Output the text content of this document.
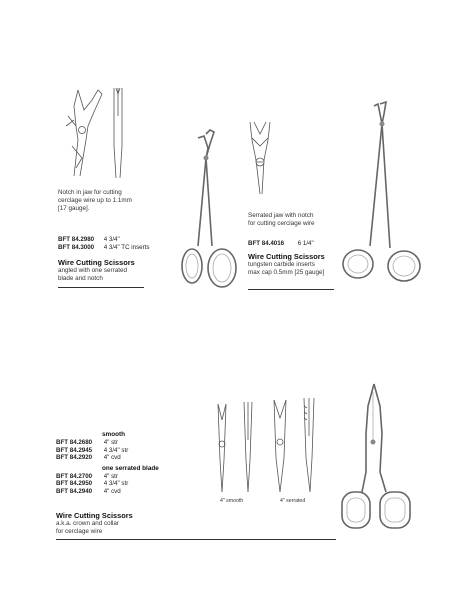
Notch in jaw for cutting
cerclage wire up to 1.1mm
[17 gauge].
BFT 84.2980 4 3/4"
BFT 84.3000 4 3/4" TC inserts
Wire Cutting Scissors
angled with one serrated
blade and notch
Serrated jaw with notch
for cutting cerclage wire
BFT 84.4016 6 1/4"
Wire Cutting Scissors
tungsten carbide inserts
max cap 0.5mm [25 gauge]
smooth
BFT 84.2680 4" str
BFT 84.2945 4 3/4" str
BFT 84.2920 4" cvd
one serrated blade
BFT 84.2700 4" str
BFT 84.2950 4 3/4" str
BFT 84.2940 4" cvd
Wire Cutting Scissors
a.k.a. crown and collar
for cerclage wire
4" smooth	4" serrated
